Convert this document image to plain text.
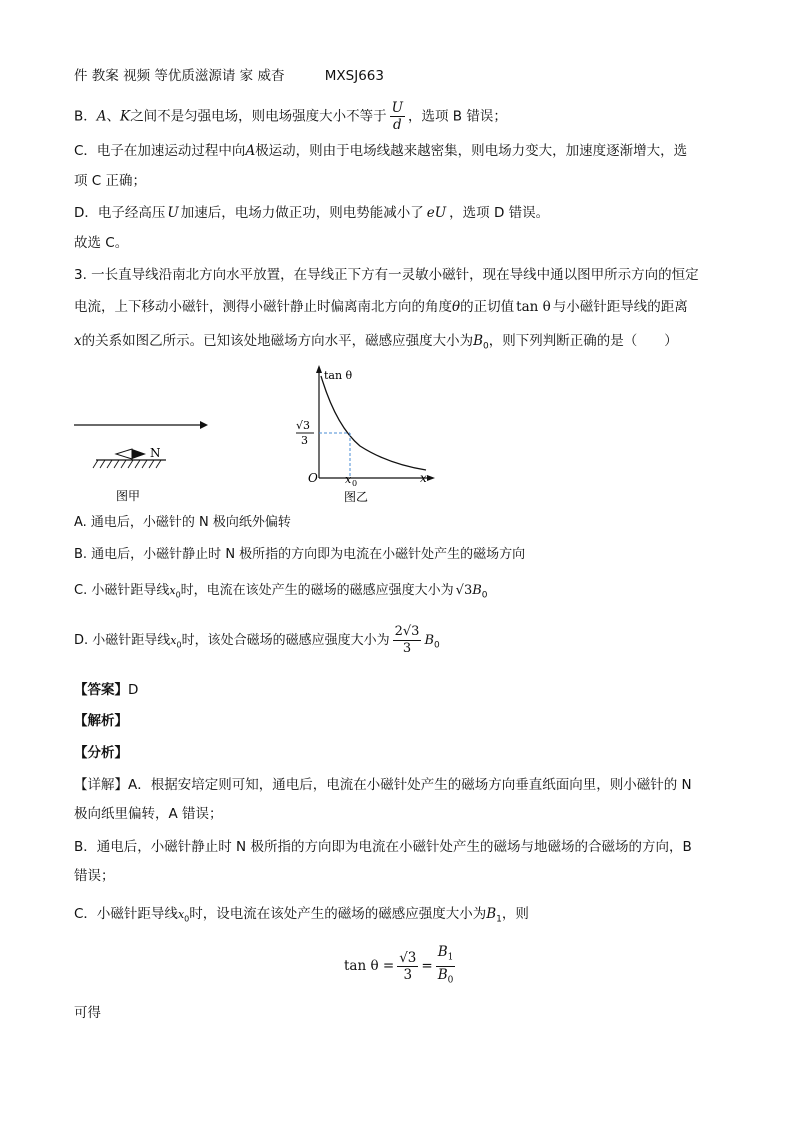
件 教案 视频 等优质滋源请 家 威杳	MXSJ663
B．A、K之间不是匀强电场，则电场强度大小不等于 $\frac{U}{d}$ ，选项 B 错误；
C．电子在加速运动过程中向A极运动，则由于电场线越来越密集，则电场力变大，加速度逐渐增大，选
项 C 正确；
D．电子经高压 U 加速后，电场力做正功，则电势能减小了 eU ，选项 D 错误。
故选 C。
3. 一长直导线沿南北方向水平放置，在导线正下方有一灵敏小磁针，现在导线中通以图甲所示方向的恒定
电流，上下移动小磁针，测得小磁针静止时偏离南北方向的角度θ的正切值 tan θ 与小磁针距导线的距离
x的关系如图乙所示。已知该处地磁场方向水平，磁感应强度大小为$B_0$，则下列判断正确的是（　　）
N
图甲
tan θ
√3
3
O x 0	x
图乙
A. 通电后，小磁针的 N 极向纸外偏转
B. 通电后，小磁针静止时 N 极所指的方向即为电流在小磁针处产生的磁场方向
C. 小磁针距导线$x_0$时，电流在该处产生的磁场的磁感应强度大小为 $√3B_0$
D. 小磁针距导线$x_0$时，该处合磁场的磁感应强度大小为 $\frac{2√3}{3} B_0$
【答案】D
【解析】
【分析】
【详解】A．根据安培定则可知，通电后，电流在小磁针处产生的磁场方向垂直纸面向里，则小磁针的 N
极向纸里偏转，A 错误；
B．通电后，小磁针静止时 N 极所指的方向即为电流在小磁针处产生的磁场与地磁场的合磁场的方向，B
错误；
C．小磁针距导线$x_0$时，设电流在该处产生的磁场的磁感应强度大小为$B_1$，则
$\tan \theta = \frac{√3}{3} = \frac{B_1}{B_0}$
可得
